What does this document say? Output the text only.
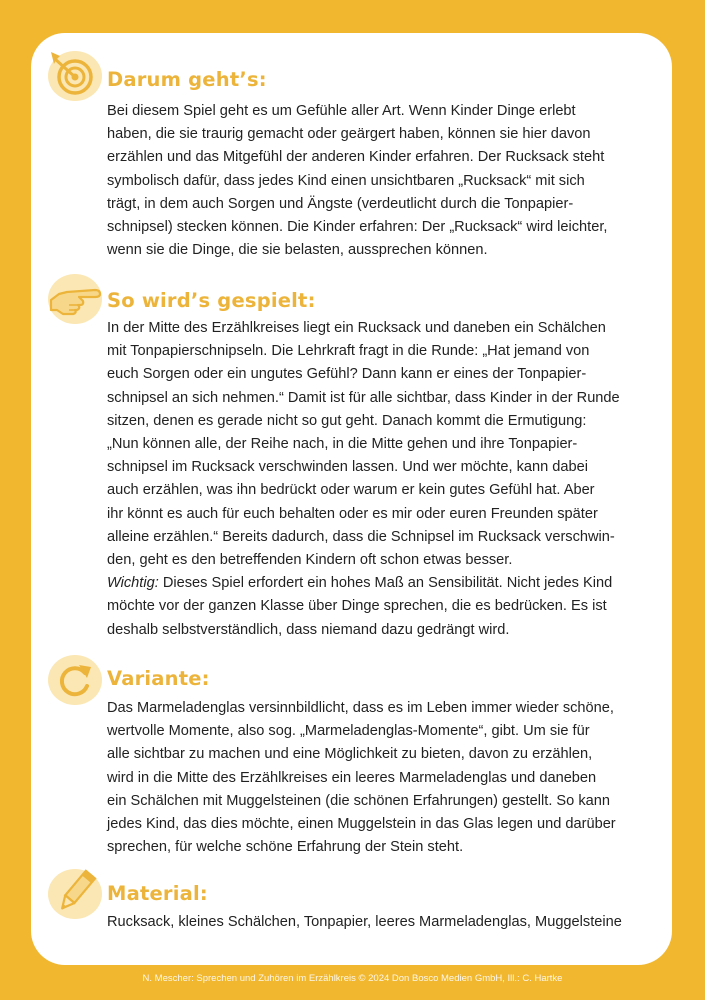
Darum geht’s:
Bei diesem Spiel geht es um Gefühle aller Art. Wenn Kinder Dinge erlebt
haben, die sie traurig gemacht oder geärgert haben, können sie hier davon
erzählen und das Mitgefühl der anderen Kinder erfahren. Der Rucksack steht
symbolisch dafür, dass jedes Kind einen unsichtbaren „Rucksack“ mit sich
trägt, in dem auch Sorgen und Ängste (verdeutlicht durch die Tonpapier-
schnipsel) stecken können. Die Kinder erfahren: Der „Rucksack“ wird leichter,
wenn sie die Dinge, die sie belasten, aussprechen können.
So wird’s gespielt:
In der Mitte des Erzählkreises liegt ein Rucksack und daneben ein Schälchen
mit Tonpapierschnipseln. Die Lehrkraft fragt in die Runde: „Hat jemand von
euch Sorgen oder ein ungutes Gefühl? Dann kann er eines der Tonpapier-
schnipsel an sich nehmen.“ Damit ist für alle sichtbar, dass Kinder in der Runde
sitzen, denen es gerade nicht so gut geht. Danach kommt die Ermutigung:
„Nun können alle, der Reihe nach, in die Mitte gehen und ihre Tonpapier-
schnipsel im Rucksack verschwinden lassen. Und wer möchte, kann dabei
auch erzählen, was ihn bedrückt oder warum er kein gutes Gefühl hat. Aber
ihr könnt es auch für euch behalten oder es mir oder euren Freunden später
alleine erzählen.“ Bereits dadurch, dass die Schnipsel im Rucksack verschwin-
den, geht es den betreffenden Kindern oft schon etwas besser.
Wichtig: Dieses Spiel erfordert ein hohes Maß an Sensibilität. Nicht jedes Kind
möchte vor der ganzen Klasse über Dinge sprechen, die es bedrücken. Es ist
deshalb selbstverständlich, dass niemand dazu gedrängt wird.
Variante:
Das Marmeladenglas versinnbildlicht, dass es im Leben immer wieder schöne,
wertvolle Momente, also sog. „Marmeladenglas-Momente“, gibt. Um sie für
alle sichtbar zu machen und eine Möglichkeit zu bieten, davon zu erzählen,
wird in die Mitte des Erzählkreises ein leeres Marmeladenglas und daneben
ein Schälchen mit Muggelsteinen (die schönen Erfahrungen) gestellt. So kann
jedes Kind, das dies möchte, einen Muggelstein in das Glas legen und darüber
sprechen, für welche schöne Erfahrung der Stein steht.
Material:
Rucksack, kleines Schälchen, Tonpapier, leeres Marmeladenglas, Muggelsteine
N. Mescher: Sprechen und Zuhören im Erzählkreis © 2024 Don Bosco Medien GmbH, Ill.: C. Hartke
